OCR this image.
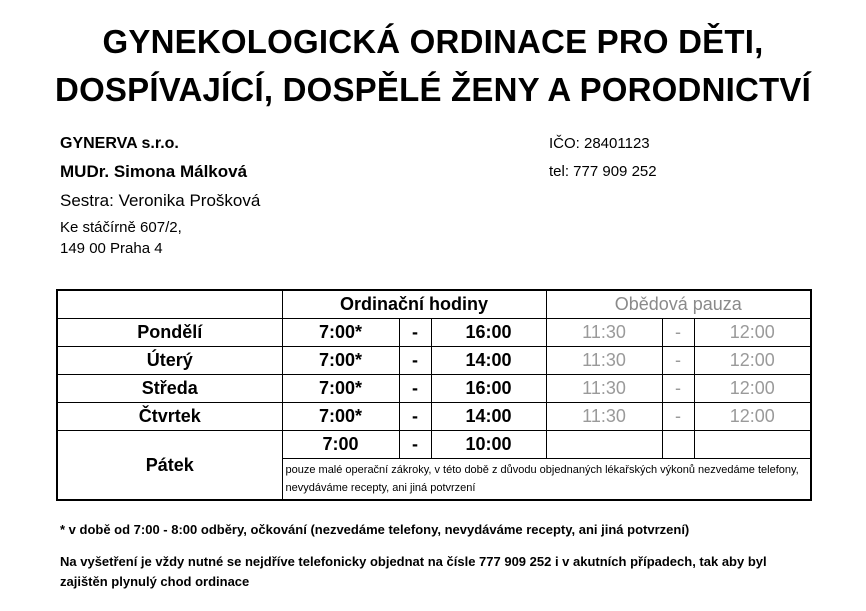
GYNEKOLOGICKÁ ORDINACE PRO DĚTI,
DOSPÍVAJÍCÍ, DOSPĚLÉ ŽENY A PORODNICTVÍ
GYNERVA s.r.o.
MUDr. Simona Málková
Sestra: Veronika Prošková
Ke stáčírně 607/2,
149 00 Praha 4
IČO: 28401123
tel: 777 909 252
	Ordinační hodiny			Obědová pauza		
Pondělí	7:00*	-	16:00	11:30	-	12:00
Úterý	7:00*	-	14:00	11:30	-	12:00
Středa	7:00*	-	16:00	11:30	-	12:00
Čtvrtek	7:00*	-	14:00	11:30	-	12:00
Pátek	7:00	-	10:00			
	pouze malé operační zákroky, v této době z důvodu objednaných lékařských výkonů nezvedáme telefony, nevydáváme recepty, ani jiná potvrzení					
* v době od 7:00 - 8:00 odběry, očkování (nezvedáme telefony, nevydáváme recepty, ani jiná potvrzení)
Na vyšetření je vždy nutné se nejdříve telefonicky objednat na čísle 777 909 252 i v akutních případech, tak aby byl
zajištěn plynulý chod ordinace
